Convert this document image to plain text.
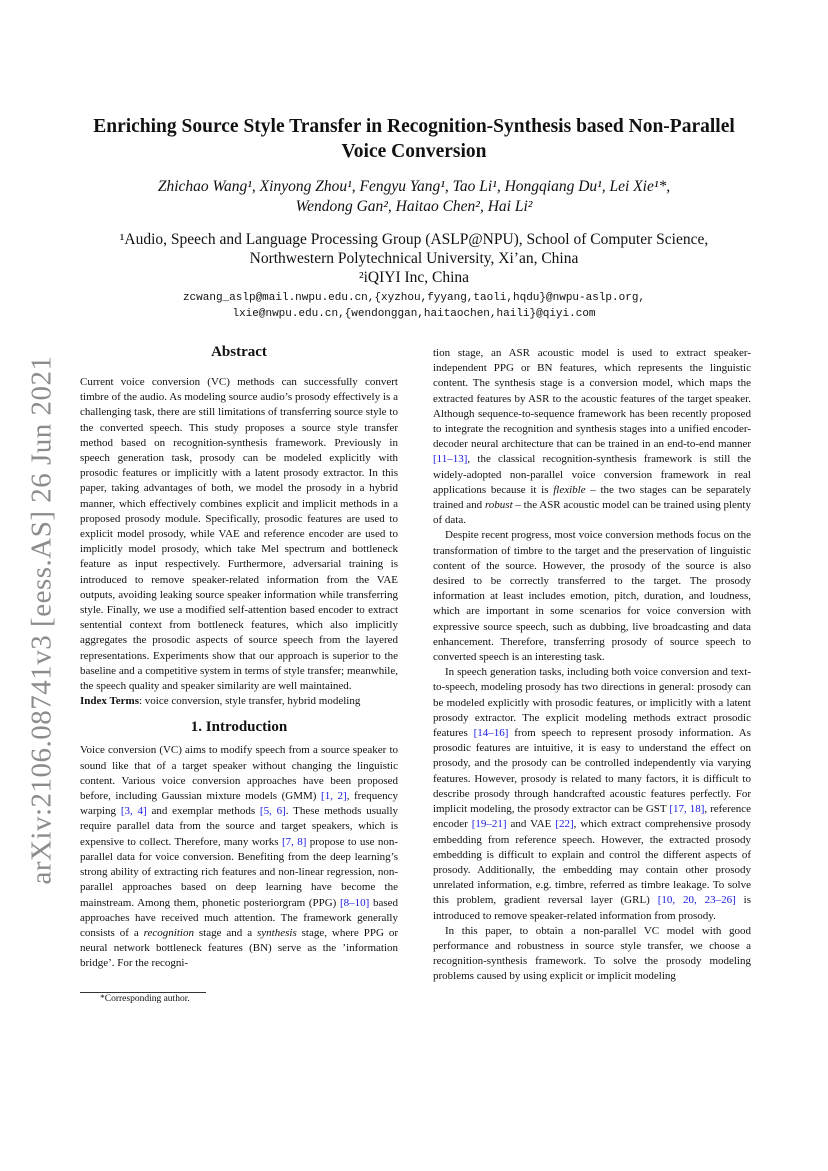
arXiv:2106.08741v3 [eess.AS] 26 Jun 2021
Enriching Source Style Transfer in Recognition-Synthesis based Non-Parallel
Voice Conversion
Zhichao Wang¹, Xinyong Zhou¹, Fengyu Yang¹, Tao Li¹, Hongqiang Du¹, Lei Xie¹*,
Wendong Gan², Haitao Chen², Hai Li²
¹Audio, Speech and Language Processing Group (ASLP@NPU), School of Computer Science,
Northwestern Polytechnical University, Xi’an, China
²iQIYI Inc, China
zcwang_aslp@mail.nwpu.edu.cn,{xyzhou,fyyang,taoli,hqdu}@nwpu-aslp.org,
lxie@nwpu.edu.cn,{wendonggan,haitaochen,haili}@qiyi.com
Abstract

Current voice conversion (VC) methods can successfully convert timbre of the audio. As modeling source audio’s prosody effectively is a challenging task, there are still limitations of transferring source style to the converted speech. This study proposes a source style transfer method based on recognition-synthesis framework. Previously in speech generation task, prosody can be modeled explicitly with prosodic features or implicitly with a latent prosody extractor. In this paper, taking advantages of both, we model the prosody in a hybrid manner, which effectively combines explicit and implicit methods in a proposed prosody module. Specifically, prosodic features are used to explicit model prosody, while VAE and reference encoder are used to implicitly model prosody, which take Mel spectrum and bottleneck feature as input respectively. Furthermore, adversarial training is introduced to remove speaker-related information from the VAE outputs, avoiding leaking source speaker information while transferring style. Finally, we use a modified self-attention based encoder to extract sentential context from bottleneck features, which also implicitly aggregates the prosodic aspects of source speech from the layered representations. Experiments show that our approach is superior to the baseline and a competitive system in terms of style transfer; meanwhile, the speech quality and speaker similarity are well maintained.

Index Terms: voice conversion, style transfer, hybrid modeling

1. Introduction

Voice conversion (VC) aims to modify speech from a source speaker to sound like that of a target speaker without changing the linguistic content. Various voice conversion approaches have been proposed before, including Gaussian mixture models (GMM) [1, 2], frequency warping [3, 4] and exemplar methods [5, 6]. These methods usually require parallel data from the source and target speakers, which is expensive to collect. Therefore, many works [7, 8] propose to use non-parallel data for voice conversion. Benefiting from the deep learning’s strong ability of extracting rich features and non-linear regression, non-parallel approaches based on deep learning have become the mainstream. Among them, phonetic posteriorgram (PPG) [8–10] based approaches have received much attention. The framework generally consists of a recognition stage and a synthesis stage, where PPG or neural network bottleneck features (BN) serve as the ’information bridge’. For the recogni-

*Corresponding author.

tion stage, an ASR acoustic model is used to extract speaker-independent PPG or BN features, which represents the linguistic content. The synthesis stage is a conversion model, which maps the extracted features by ASR to the acoustic features of the target speaker. Although sequence-to-sequence framework has been recently proposed to integrate the recognition and synthesis stages into a unified encoder-decoder neural architecture that can be trained in an end-to-end manner [11–13], the classical recognition-synthesis framework is still the widely-adopted non-parallel voice conversion framework in real applications because it is flexible – the two stages can be separately trained and robust – the ASR acoustic model can be trained using plenty of data.

Despite recent progress, most voice conversion methods focus on the transformation of timbre to the target and the preservation of linguistic content of the source. However, the prosody of the source is also desired to be correctly transferred to the target. The prosody information at least includes emotion, pitch, duration, and loudness, which are important in some scenarios for voice conversion with expressive source speech, such as dubbing, live broadcasting and data enhancement. Therefore, transferring prosody of source speech to converted speech is an interesting task.

In speech generation tasks, including both voice conversion and text-to-speech, modeling prosody has two directions in general: prosody can be modeled explicitly with prosodic features, or implicitly with a latent prosody extractor. The explicit modeling methods extract prosodic features [14–16] from speech to represent prosody information. As prosodic features are intuitive, it is easy to understand the effect on prosody, and the prosody can be controlled independently via varying features. However, prosody is related to many factors, it is difficult to describe prosody through handcrafted acoustic features perfectly. For implicit modeling, the prosody extractor can be GST [17, 18], reference encoder [19–21] and VAE [22], which extract comprehensive prosody embedding from reference speech. However, the extracted prosody embedding is difficult to explain and control the different aspects of prosody. Additionally, the embedding may contain other prosody unrelated information, e.g. timbre, referred as timbre leakage. To solve this problem, gradient reversal layer (GRL) [10, 20, 23–26] is introduced to remove speaker-related information from prosody.

In this paper, to obtain a non-parallel VC model with good performance and robustness in source style transfer, we choose a recognition-synthesis framework. To solve the prosody modeling problems caused by using explicit or implicit modeling
